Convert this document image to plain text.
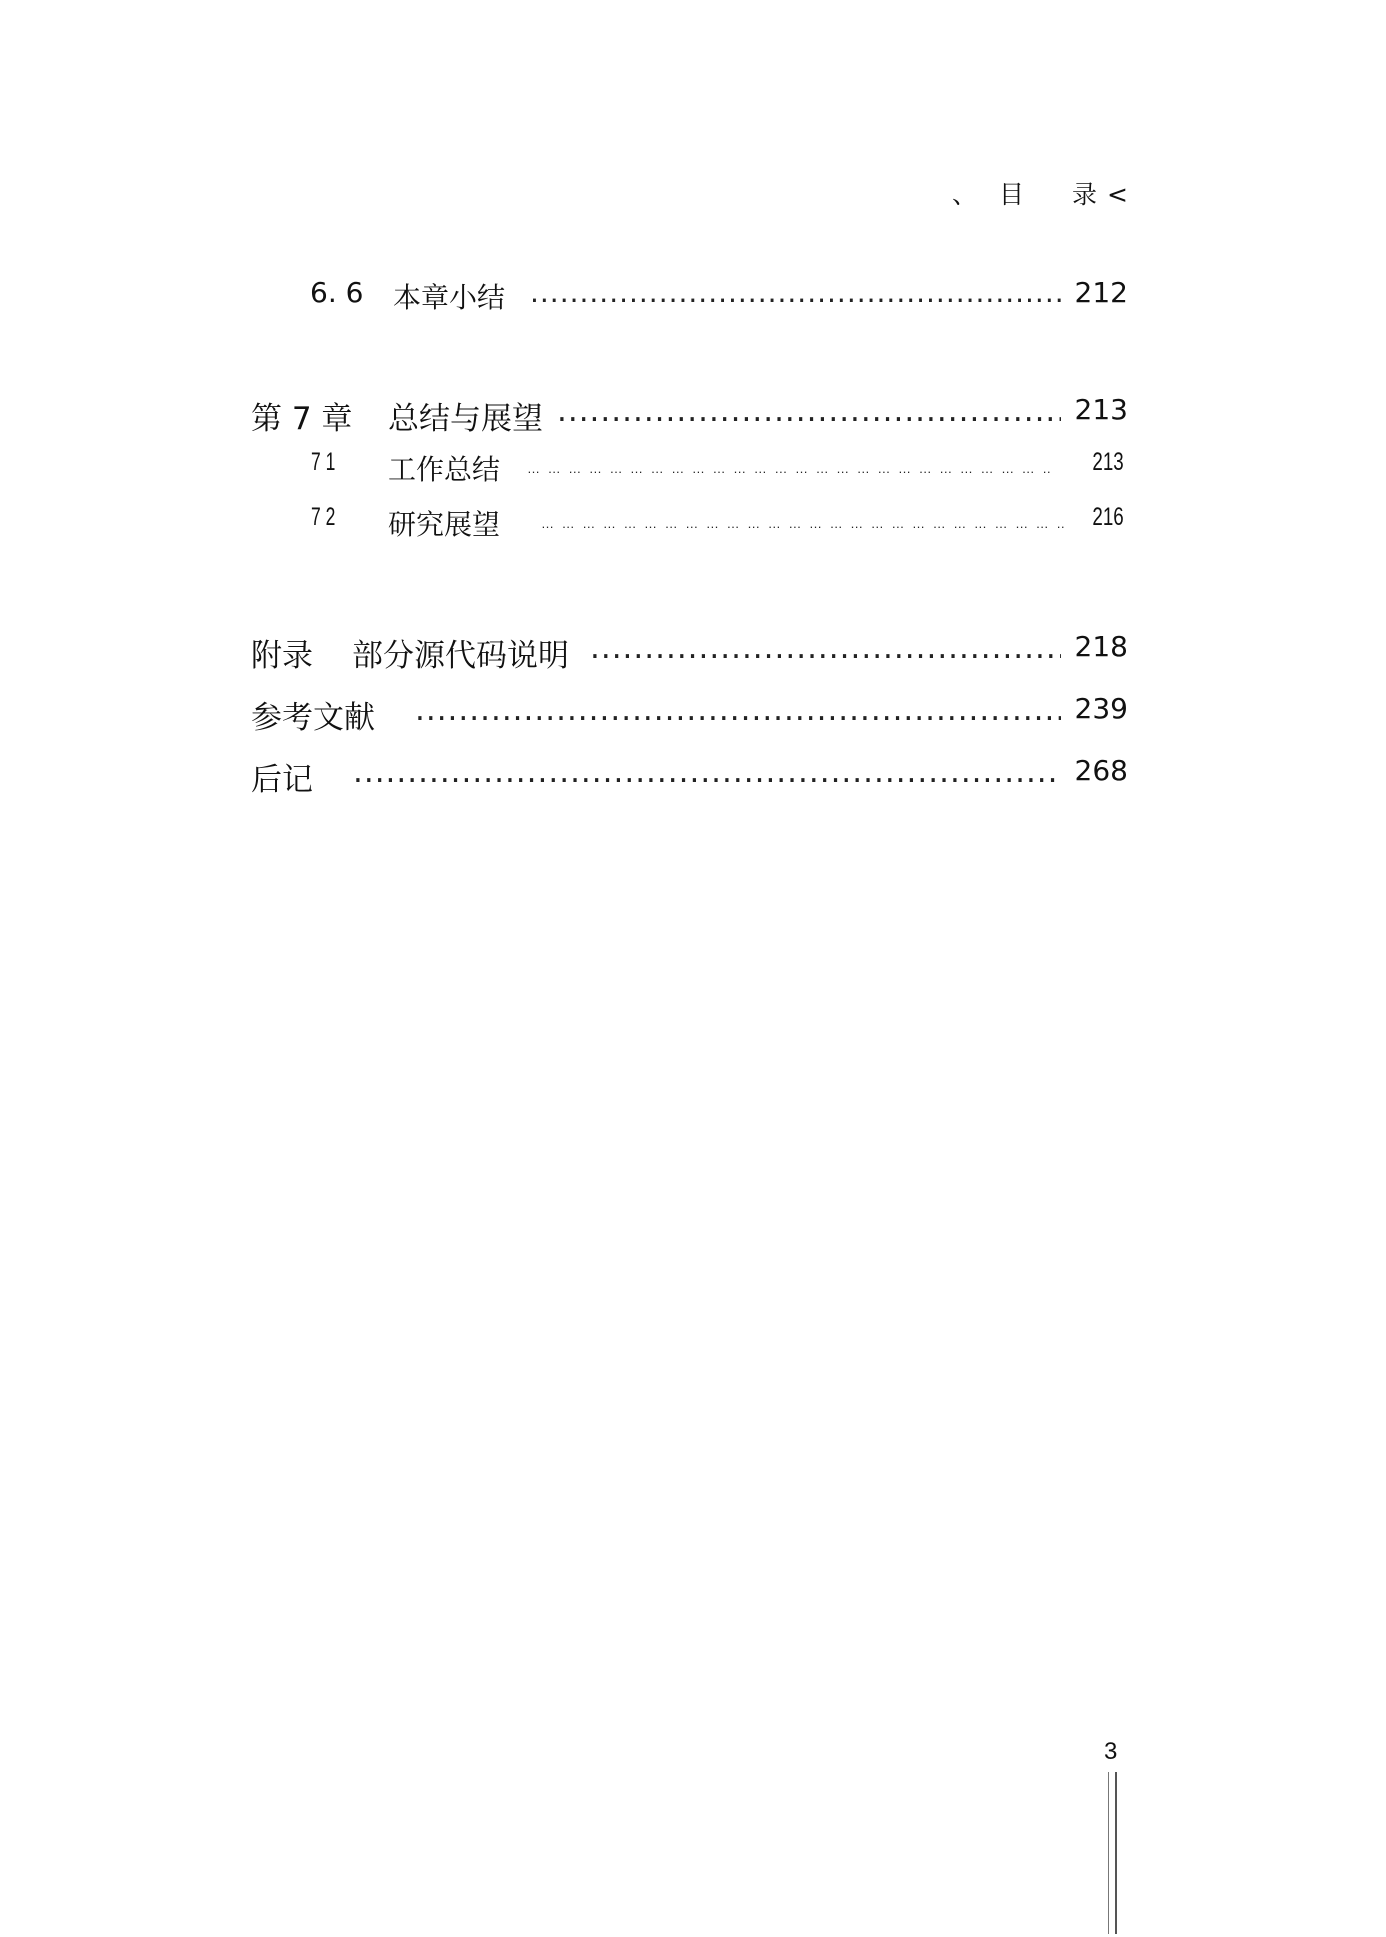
、 目 录 <
6. 6 本章小结 .....	212
第 7 章 总结与展望 .....	213
7 1 工作总结 … … … … … … … … … … … … … … … … … … … … … … … … … … … … …	213
7 2 研究展望 … … … … … … … … … … … … … … … … … … … … … … … … … … … … …	216
附录 部分源代码说明 .....	218
参考文献 .....	239
后记 .....	268
3
